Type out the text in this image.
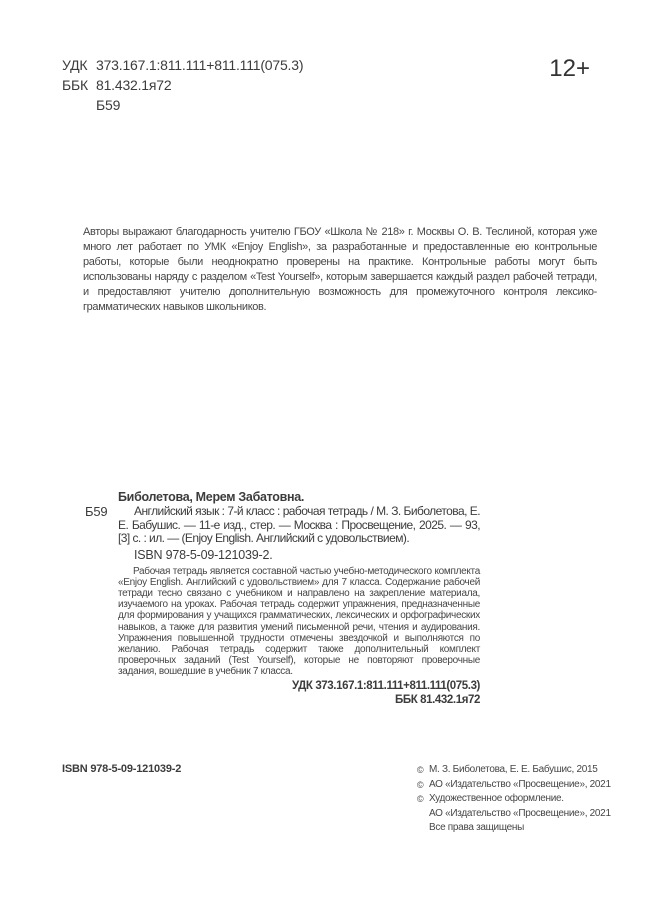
УДК 373.167.1:811.111+811.111(075.3)
ББК 81.432.1я72
Б59
12+

Авторы выражают благодарность учителю ГБОУ «Школа № 218» г. Москвы О. В. Теслиной, которая уже много лет работает по УМК «Enjoy English», за разработанные и предоставленные ею контрольные работы, которые были неоднократно проверены на практике. Контрольные работы могут быть использованы наряду с разделом «Test Yourself», которым завершается каждый раздел рабочей тетради, и предоставляют учителю дополнительную возможность для промежуточного контроля лексико-грамматических навыков школьников.

Б59
Биболетова, Мерем Забатовна.
Английский язык : 7-й класс : рабочая тетрадь / М. З. Биболетова, Е. Е. Бабушис. — 11-е изд., стер. — Москва : Просвещение, 2025. — 93, [3] с. : ил. — (Enjoy English. Английский с удовольствием).
ISBN 978-5-09-121039-2.
Рабочая тетрадь является составной частью учебно-методического комплекта «Enjoy English. Английский с удовольствием» для 7 класса. Содержание рабочей тетради тесно связано с учебником и направлено на закрепление материала, изучаемого на уроках. Рабочая тетрадь содержит упражнения, предназначенные для формирования у учащихся грамматических, лексических и орфографических навыков, а также для развития умений письменной речи, чтения и аудирования. Упражнения повышенной трудности отмечены звездочкой и выполняются по желанию. Рабочая тетрадь содержит также дополнительный комплект проверочных заданий (Test Yourself), которые не повторяют проверочные задания, вошедшие в учебник 7 класса.
УДК 373.167.1:811.111+811.111(075.3)
ББК 81.432.1я72
ISBN 978-5-09-121039-2	© М. З. Биболетова, Е. Е. Бабушис, 2015
© АО «Издательство «Просвещение», 2021
© Художественное оформление.
АО «Издательство «Просвещение», 2021
Все права защищены
